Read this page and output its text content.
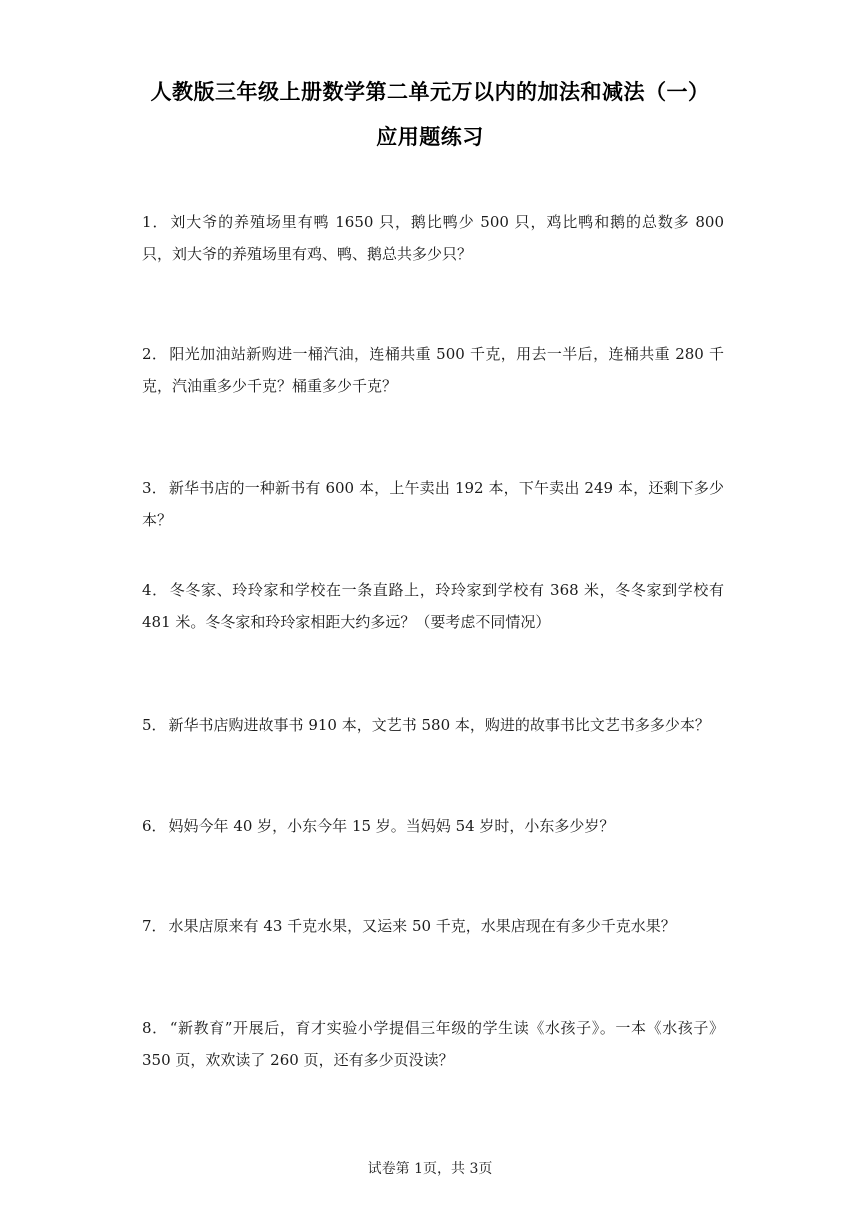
人教版三年级上册数学第二单元万以内的加法和减法（一）
应用题练习
1． 刘大爷的养殖场里有鸭 1650 只，鹅比鸭少 500 只，鸡比鸭和鹅的总数多 800 只，刘大爷的养殖场里有鸡、鸭、鹅总共多少只？
2． 阳光加油站新购进一桶汽油，连桶共重 500 千克，用去一半后，连桶共重 280 千克，汽油重多少千克？桶重多少千克？
3． 新华书店的一种新书有 600 本，上午卖出 192 本，下午卖出 249 本，还剩下多少本？
4． 冬冬家、玲玲家和学校在一条直路上，玲玲家到学校有 368 米，冬冬家到学校有 481 米。冬冬家和玲玲家相距大约多远？（要考虑不同情况）
5． 新华书店购进故事书 910 本，文艺书 580 本，购进的故事书比文艺书多多少本？
6． 妈妈今年 40 岁，小东今年 15 岁。当妈妈 54 岁时，小东多少岁？
7． 水果店原来有 43 千克水果，又运来 50 千克，水果店现在有多少千克水果？
8． “新教育”开展后，育才实验小学提倡三年级的学生读《水孩子》。一本《水孩子》350 页，欢欢读了 260 页，还有多少页没读？
试卷第 1页，共 3页
